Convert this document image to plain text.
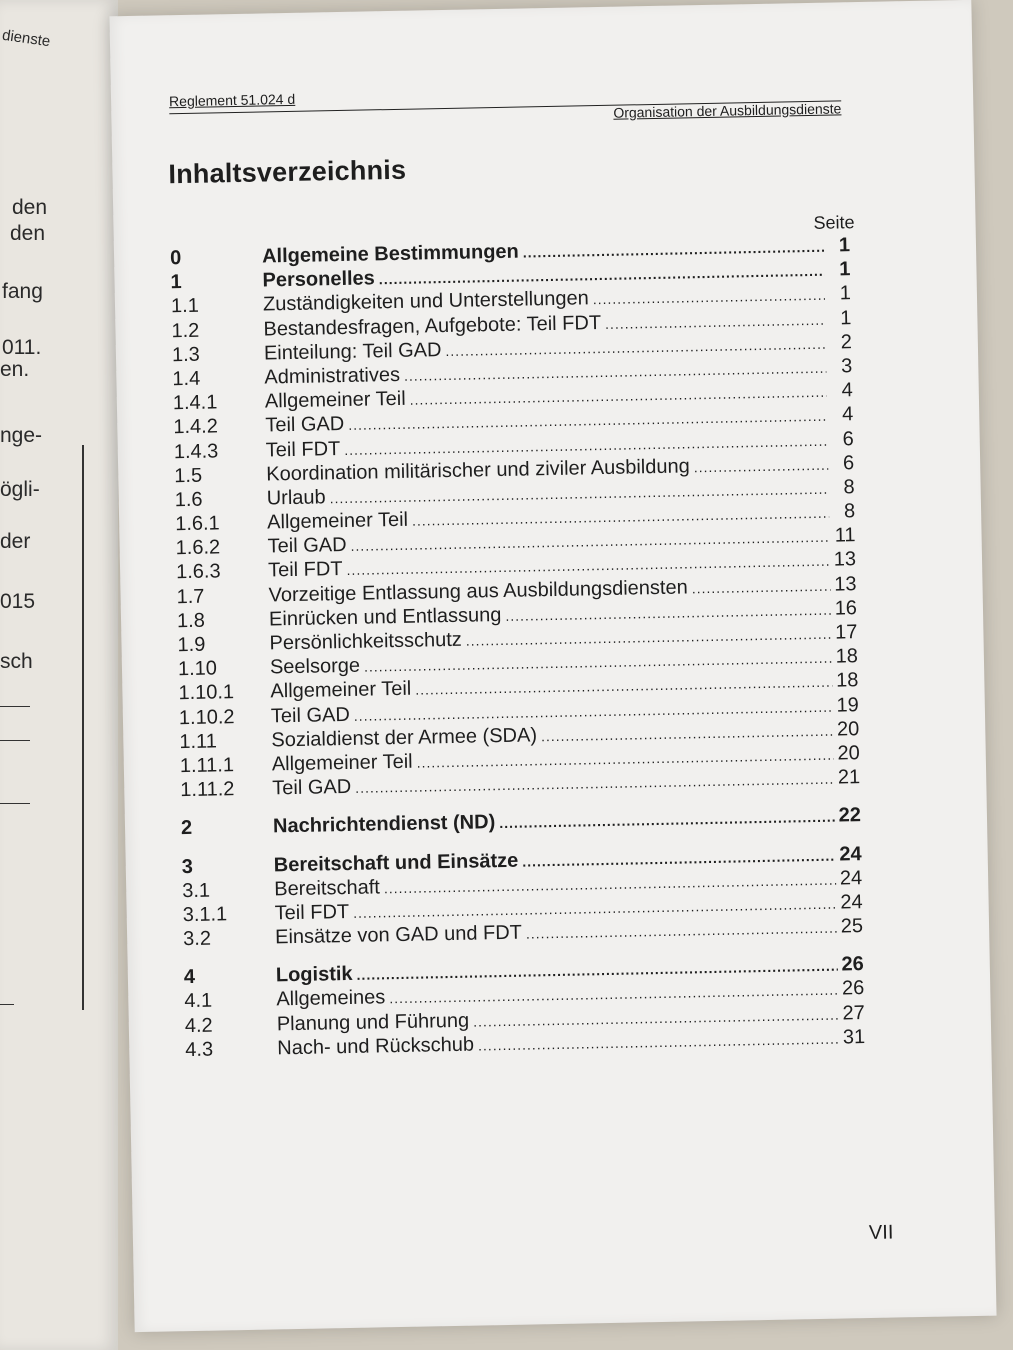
dienste
den
den
fang
011.
en.
nge-
ögli-
der
015
sch
Reglement 51.024 d
Organisation der Ausbildungsdienste
Inhaltsverzeichnis
Seite
0	Allgemeine Bestimmungen .....	1
1	Personelles .....	1
1.1	Zuständigkeiten und Unterstellungen .....	1
1.2	Bestandesfragen, Aufgebote: Teil FDT .....	1
1.3	Einteilung: Teil GAD .....	2
1.4	Administratives .....	3
1.4.1	Allgemeiner Teil .....	4
1.4.2	Teil GAD .....	4
1.4.3	Teil FDT .....	6
1.5	Koordination militärischer und ziviler Ausbildung .....	6
1.6	Urlaub .....	8
1.6.1	Allgemeiner Teil .....	8
1.6.2	Teil GAD .....	11
1.6.3	Teil FDT .....	13
1.7	Vorzeitige Entlassung aus Ausbildungsdiensten .....	13
1.8	Einrücken und Entlassung .....	16
1.9	Persönlichkeitsschutz .....	17
1.10	Seelsorge .....	18
1.10.1	Allgemeiner Teil .....	18
1.10.2	Teil GAD .....	19
1.11	Sozialdienst der Armee (SDA) .....	20
1.11.1	Allgemeiner Teil .....	20
1.11.2	Teil GAD .....	21
2	Nachrichtendienst (ND) .....	22
3	Bereitschaft und Einsätze .....	24
3.1	Bereitschaft .....	24
3.1.1	Teil FDT .....	24
3.2	Einsätze von GAD und FDT .....	25
4	Logistik .....	26
4.1	Allgemeines .....	26
4.2	Planung und Führung .....	27
4.3	Nach- und Rückschub .....	31
VII
